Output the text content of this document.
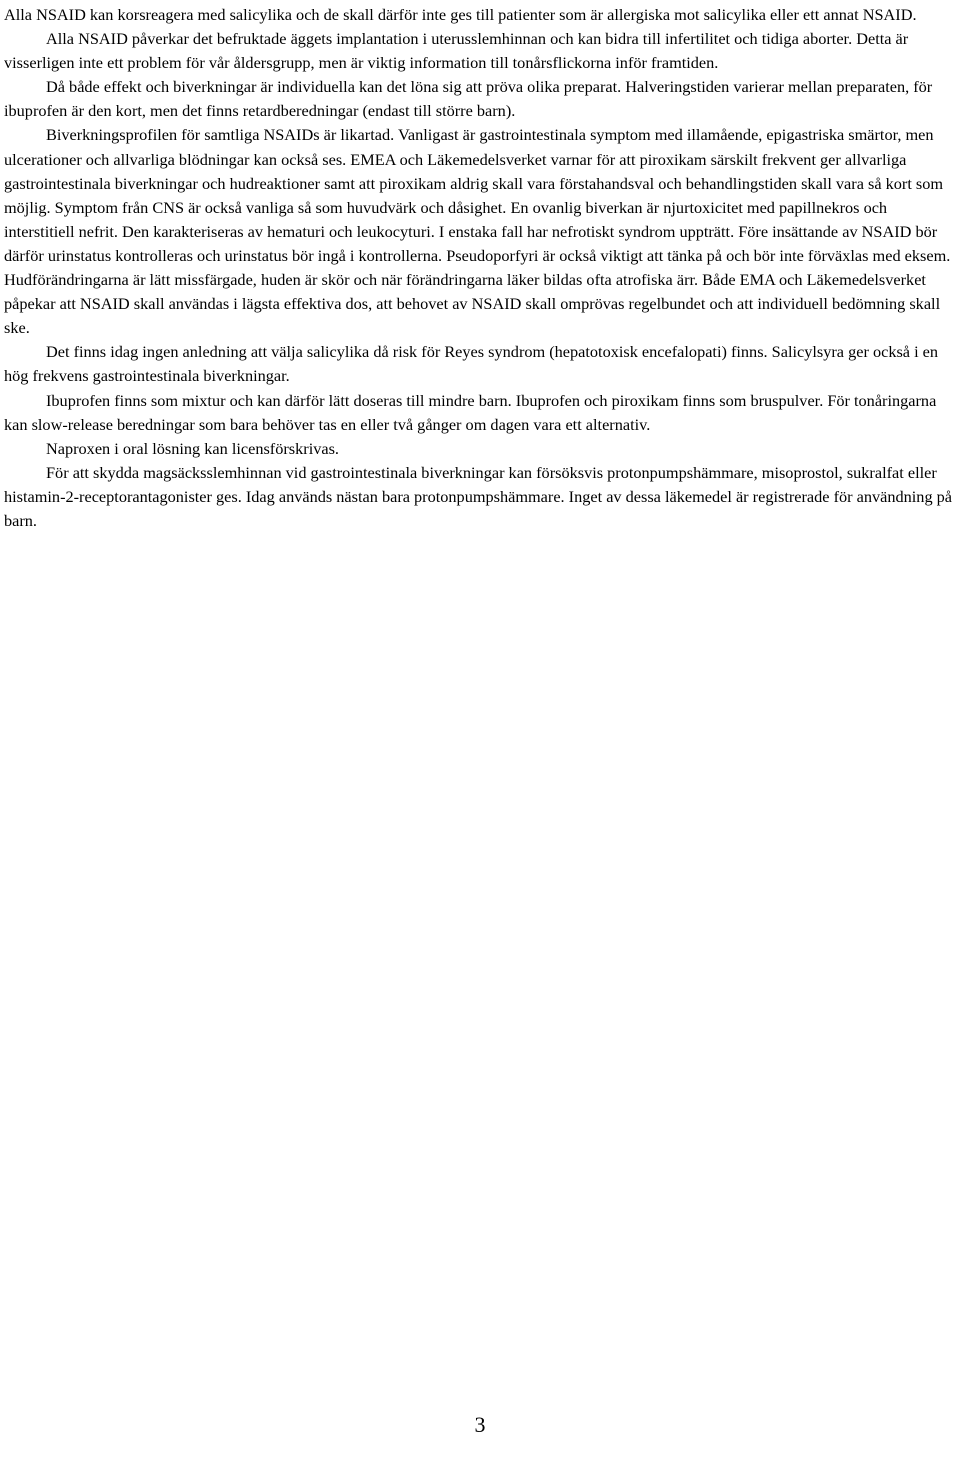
Alla NSAID kan korsreagera med salicylika och de skall därför inte ges till patienter som är allergiska mot salicylika eller ett annat NSAID.

Alla NSAID påverkar det befruktade äggets implantation i uterusslemhinnan och kan bidra till infertilitet och tidiga aborter. Detta är visserligen inte ett problem för vår åldersgrupp, men är viktig information till tonårsflickorna inför framtiden.

Då både effekt och biverkningar är individuella kan det löna sig att pröva olika preparat. Halveringstiden varierar mellan preparaten, för ibuprofen är den kort, men det finns retardberedningar (endast till större barn).

Biverkningsprofilen för samtliga NSAIDs är likartad. Vanligast är gastrointestinala symptom med illamående, epigastriska smärtor, men ulcerationer och allvarliga blödningar kan också ses. EMEA och Läkemedelsverket varnar för att piroxikam särskilt frekvent ger allvarliga gastrointestinala biverkningar och hudreaktioner samt att piroxikam aldrig skall vara förstahandsval och behandlingstiden skall vara så kort som möjlig. Symptom från CNS är också vanliga så som huvudvärk och dåsighet. En ovanlig biverkan är njurtoxicitet med papillnekros och interstitiell nefrit. Den karakteriseras av hematuri och leukocyturi. I enstaka fall har nefrotiskt syndrom uppträtt. Före insättande av NSAID bör därför urinstatus kontrolleras och urinstatus bör ingå i kontrollerna. Pseudoporfyri är också viktigt att tänka på och bör inte förväxlas med eksem. Hudförändringarna är lätt missfärgade, huden är skör och när förändringarna läker bildas ofta atrofiska ärr. Både EMA och Läkemedelsverket påpekar att NSAID skall användas i lägsta effektiva dos, att behovet av NSAID skall omprövas regelbundet och att individuell bedömning skall ske.

Det finns idag ingen anledning att välja salicylika då risk för Reyes syndrom (hepatotoxisk encefalopati) finns. Salicylsyra ger också i en hög frekvens gastrointestinala biverkningar.

Ibuprofen finns som mixtur och kan därför lätt doseras till mindre barn. Ibuprofen och piroxikam finns som bruspulver. För tonåringarna kan slow-release beredningar som bara behöver tas en eller två gånger om dagen vara ett alternativ.

Naproxen i oral lösning kan licensförskrivas.

För att skydda magsäcksslemhinnan vid gastrointestinala biverkningar kan försöksvis protonpumpshämmare, misoprostol, sukralfat eller histamin-2-receptorantagonister ges. Idag används nästan bara protonpumpshämmare. Inget av dessa läkemedel är registrerade för användning på barn.

3
